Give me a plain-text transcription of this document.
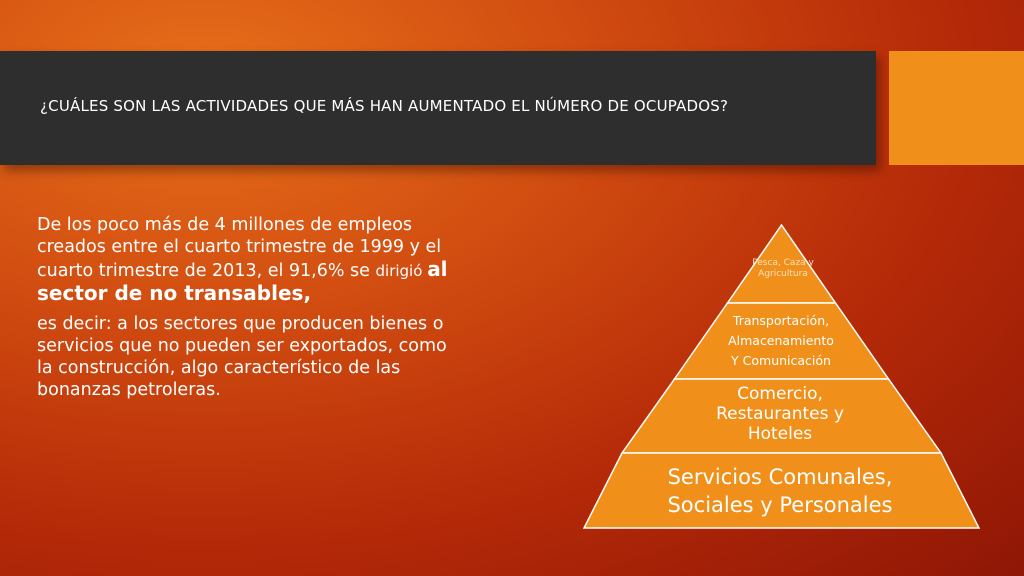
¿CUÁLES SON LAS ACTIVIDADES QUE MÁS HAN AUMENTADO EL NÚMERO DE OCUPADOS?

De los poco más de 4 millones de empleos creados entre el cuarto trimestre de 1999 y el cuarto trimestre de 2013, el 91,6% se dirigió al sector de no transables,

es decir: a los sectores que producen bienes o servicios que no pueden ser exportados, como la construcción, algo característico de las bonanzas petroleras.

Pesca, Caza y
Agricultura
Transportación,
Almacenamiento
Y Comunicación
Comercio,
Restaurantes y
Hoteles
Servicios Comunales,
Sociales y Personales
